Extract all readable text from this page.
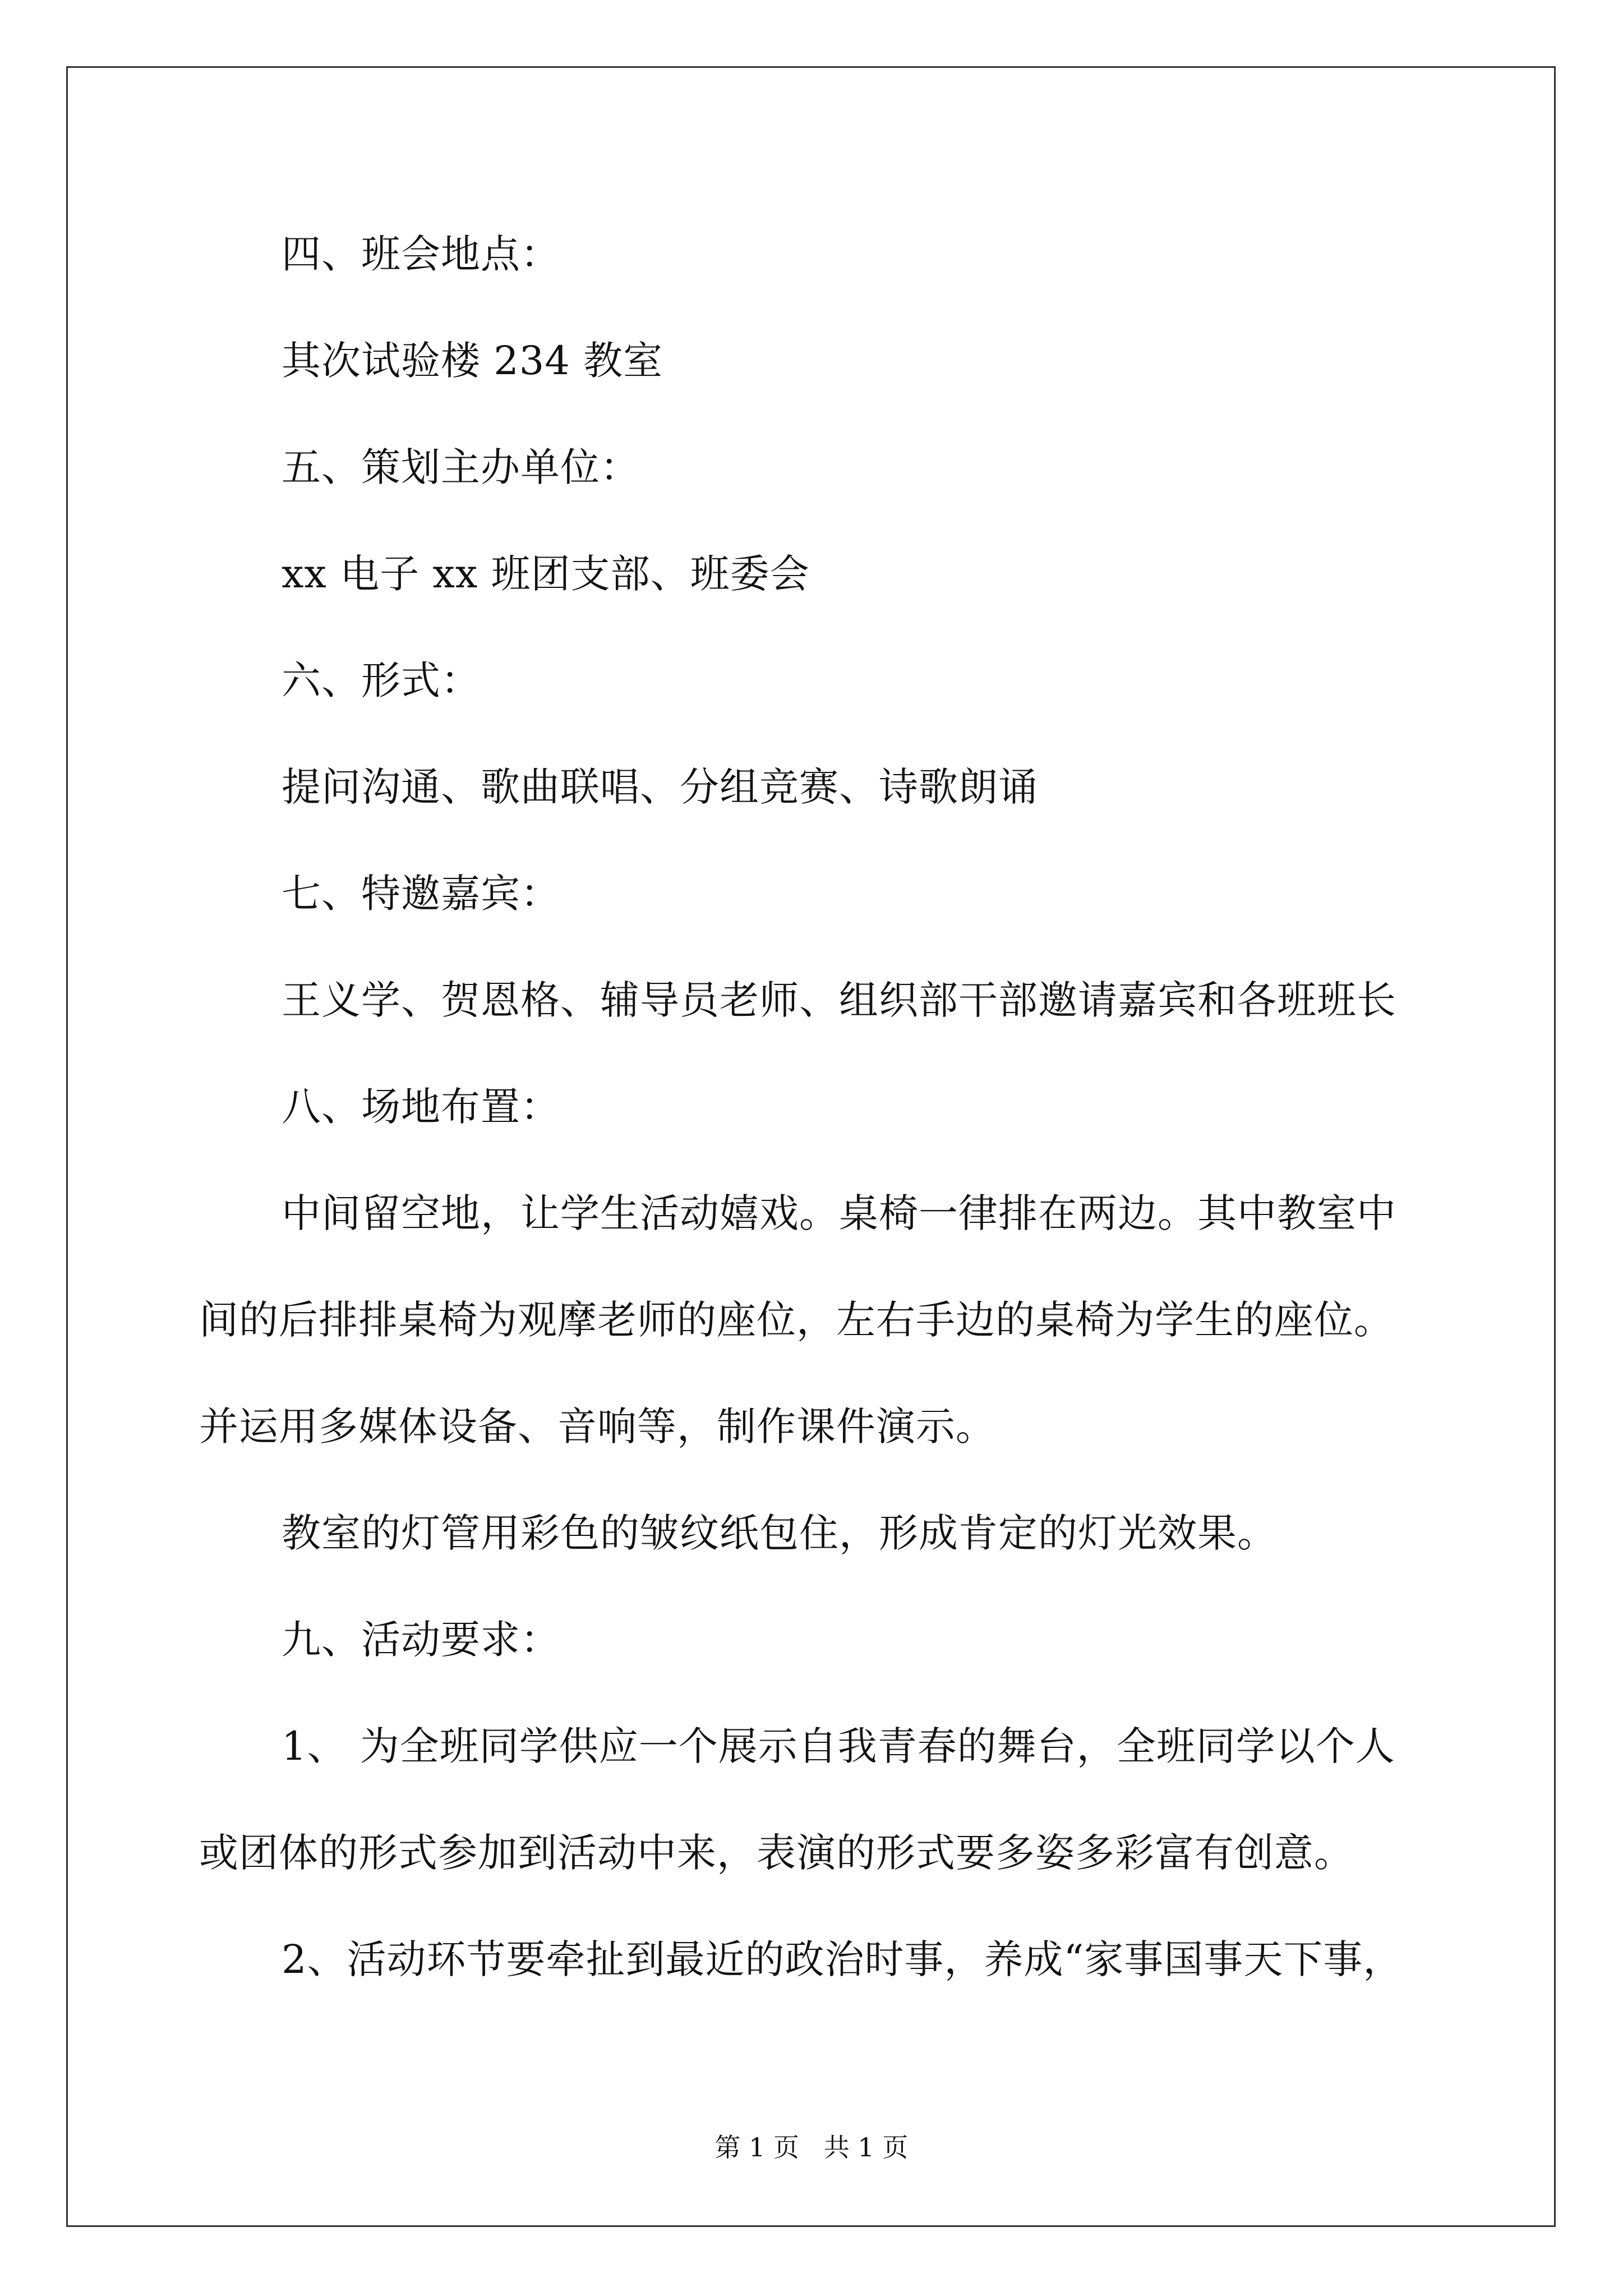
四、班会地点：
其次试验楼 234 教室
五、策划主办单位：
xx 电子 xx 班团支部、班委会
六、形式：
提问沟通、歌曲联唱、分组竞赛、诗歌朗诵
七、特邀嘉宾：
王义学、贺恩格、辅导员老师、组织部干部邀请嘉宾和各班班长
八、场地布置：
中间留空地，让学生活动嬉戏。桌椅一律排在两边。其中教室中
间的后排排桌椅为观摩老师的座位，左右手边的桌椅为学生的座位。
并运用多媒体设备、音响等，制作课件演示。
教室的灯管用彩色的皱纹纸包住，形成肯定的灯光效果。
九、活动要求：
1、 为全班同学供应一个展示自我青春的舞台，全班同学以个人
或团体的形式参加到活动中来，表演的形式要多姿多彩富有创意。
2、活动环节要牵扯到最近的政治时事，养成“家事国事天下事，
第 1 页   共 1 页
